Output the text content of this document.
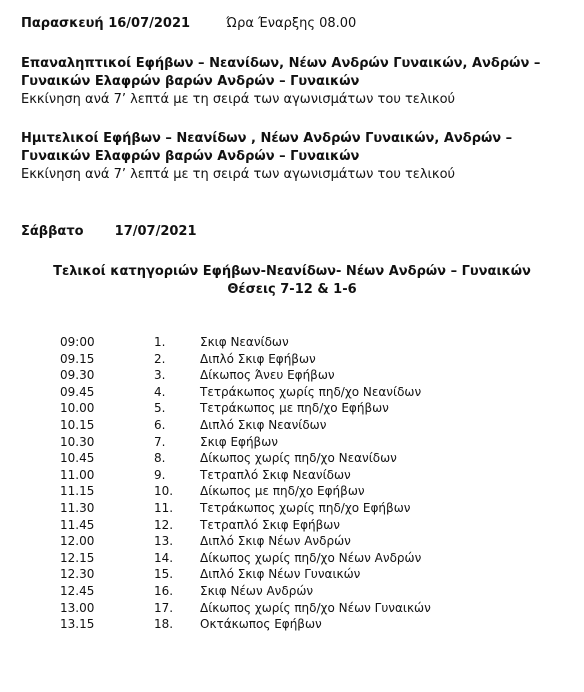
Παρασκευή 16/07/2021	Ώρα Έναρξης 08.00
Επαναληπτικοί Εφήβων – Νεανίδων, Νέων Ανδρών Γυναικών, Ανδρών –
Γυναικών Ελαφρών βαρών Ανδρών – Γυναικών
Εκκίνηση ανά 7’ λεπτά με τη σειρά των αγωνισμάτων του τελικού
Ημιτελικοί Εφήβων – Νεανίδων , Νέων Ανδρών Γυναικών, Ανδρών –
Γυναικών Ελαφρών βαρών Ανδρών – Γυναικών
Εκκίνηση ανά 7’ λεπτά με τη σειρά των αγωνισμάτων του τελικού
Σάββατο 17/07/2021
Τελικοί κατηγοριών Εφήβων-Νεανίδων- Νέων Ανδρών – Γυναικών
Θέσεις 7-12 & 1-6
09:00	1.	Σκιφ Νεανίδων
09.15	2.	Διπλό Σκιφ Εφήβων
09.30	3.	Δίκωπος Άνευ Εφήβων
09.45	4.	Τετράκωπος χωρίς πηδ/χο Νεανίδων
10.00	5.	Τετράκωπος με πηδ/χο Εφήβων
10.15	6.	Διπλό Σκιφ Νεανίδων
10.30	7.	Σκιφ Εφήβων
10.45	8.	Δίκωπος χωρίς πηδ/χο Νεανίδων
11.00	9.	Τετραπλό Σκιφ Νεανίδων
11.15	10. Δίκωπος με πηδ/χο Εφήβων
11.30	11. Τετράκωπος χωρίς πηδ/χο Εφήβων
11.45	12. Τετραπλό Σκιφ Εφήβων
12.00	13. Διπλό Σκιφ Νέων Ανδρών
12.15	14. Δίκωπος χωρίς πηδ/χο Νέων Ανδρών
12.30	15. Διπλό Σκιφ Νέων Γυναικών
12.45	16. Σκιφ Νέων Ανδρών
13.00	17. Δίκωπος χωρίς πηδ/χο Νέων Γυναικών
13.15	18. Οκτάκωπος Εφήβων
